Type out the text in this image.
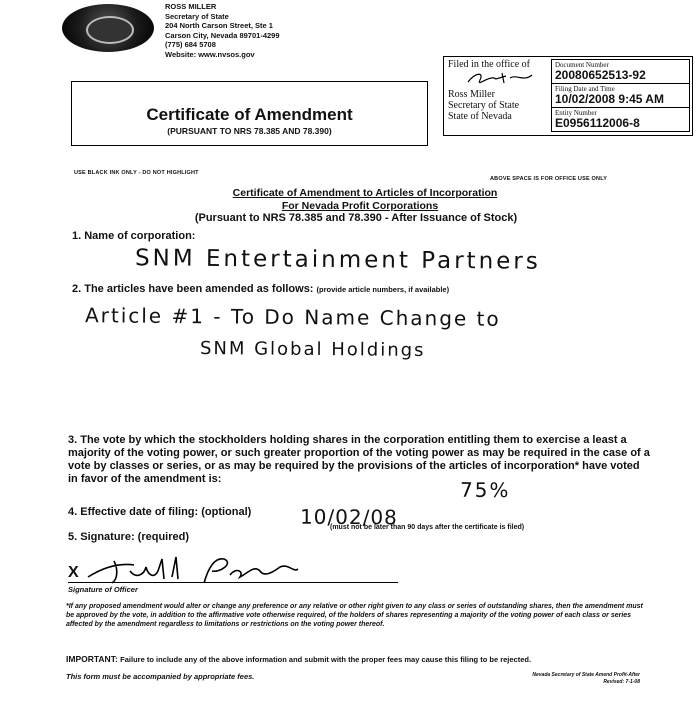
ROSS MILLER
Secretary of State
204 North Carson Street, Ste 1
Carson City, Nevada 89701-4299
(775) 684 5708
Website: www.nvsos.gov
Certificate of Amendment
(PURSUANT TO NRS 78.385 AND 78.390)
Filed in the office of
Ross Miller
Secretary of State
State of Nevada
Document Number
20080652513-92
Filing Date and Time
10/02/2008 9:45 AM
Entity Number
E0956112006-8
USE BLACK INK ONLY - DO NOT HIGHLIGHT
ABOVE SPACE IS FOR OFFICE USE ONLY
Certificate of Amendment to Articles of Incorporation
For Nevada Profit Corporations
(Pursuant to NRS 78.385 and 78.390 - After Issuance of Stock)
1. Name of corporation:
SNM Entertainment Partners
2. The articles have been amended as follows: (provide article numbers, if available)
Article #1 - To Do Name Change to
SNM Global Holdings
3. The vote by which the stockholders holding shares in the corporation entitling them to exercise a least a majority of the voting power, or such greater proportion of the voting power as may be required in the case of a vote by classes or series, or as may be required by the provisions of the articles of incorporation* have voted in favor of the amendment is:	75%
4. Effective date of filing: (optional) 10/02/08
(must not be later than 90 days after the certificate is filed)
5. Signature: (required)
X
Signature of Officer
*If any proposed amendment would alter or change any preference or any relative or other right given to any class or series of outstanding shares, then the amendment must be approved by the vote, in addition to the affirmative vote otherwise required, of the holders of shares representing a majority of the voting power of each class or series affected by the amendment regardless to limitations or restrictions on the voting power thereof.
IMPORTANT: Failure to include any of the above information and submit with the proper fees may cause this filing to be rejected.
This form must be accompanied by appropriate fees.	Nevada Secretary of State Amend Profit-After
Revised: 7-1-08
